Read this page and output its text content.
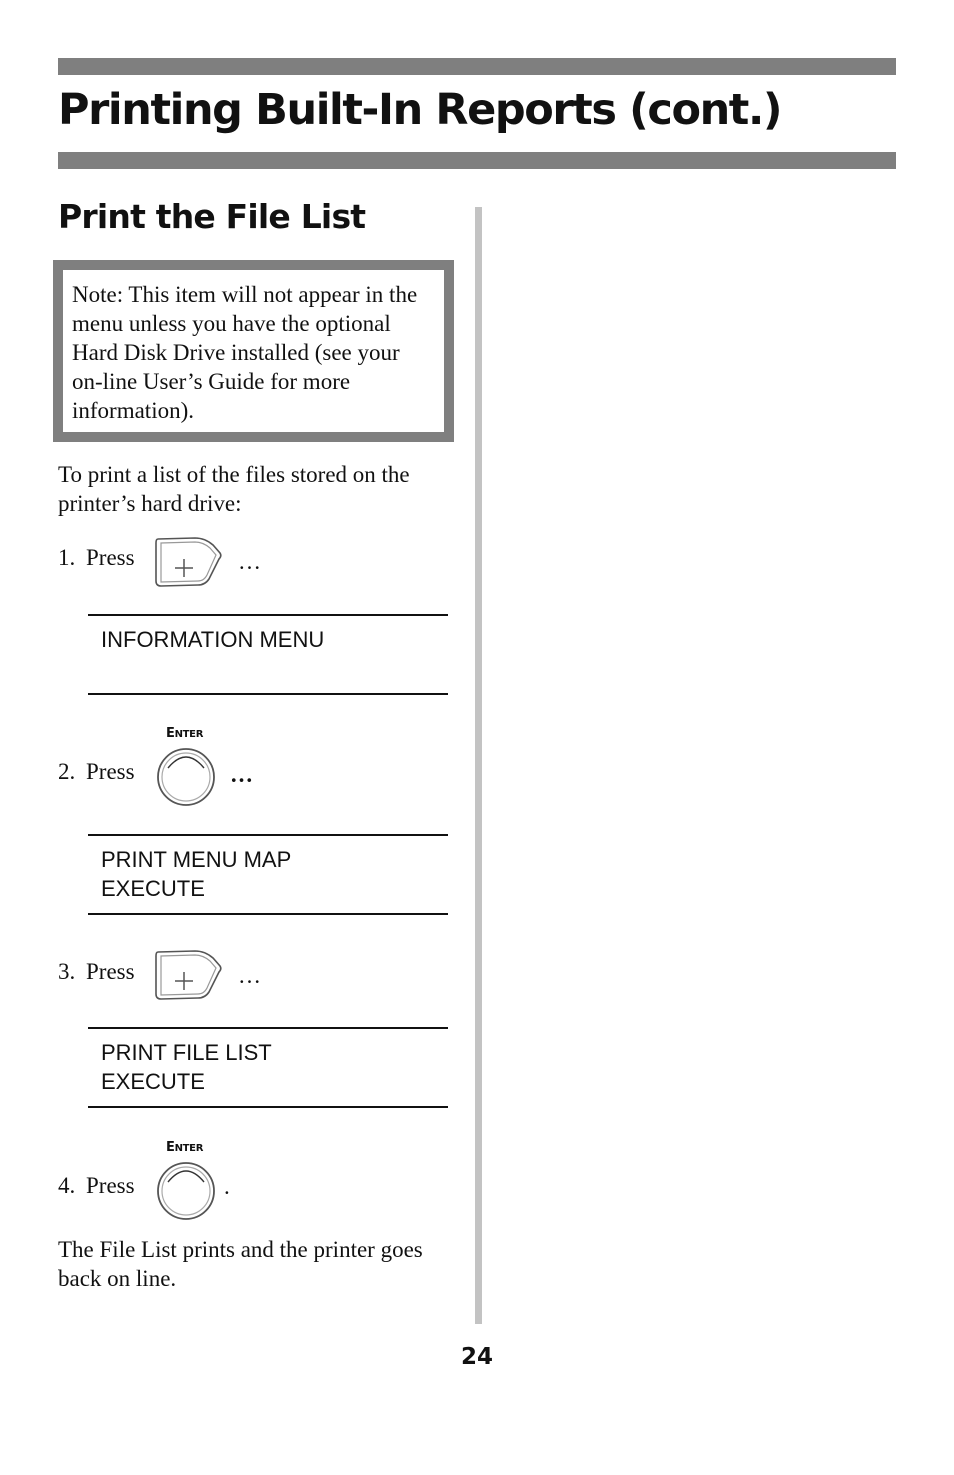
Printing Built-In Reports (cont.)
Print the File List
Note: This item will not appear in the menu unless you have the optional Hard Disk Drive installed (see your on-line User’s Guide for more information).

To print a list of the files stored on the printer’s hard drive:

1. Press	…
INFORMATION MENU
ENTER
2. Press	…
PRINT MENU MAP
EXECUTE
3. Press	…
PRINT FILE LIST
EXECUTE
ENTER
4. Press	.

The File List prints and the printer goes back on line.

24
